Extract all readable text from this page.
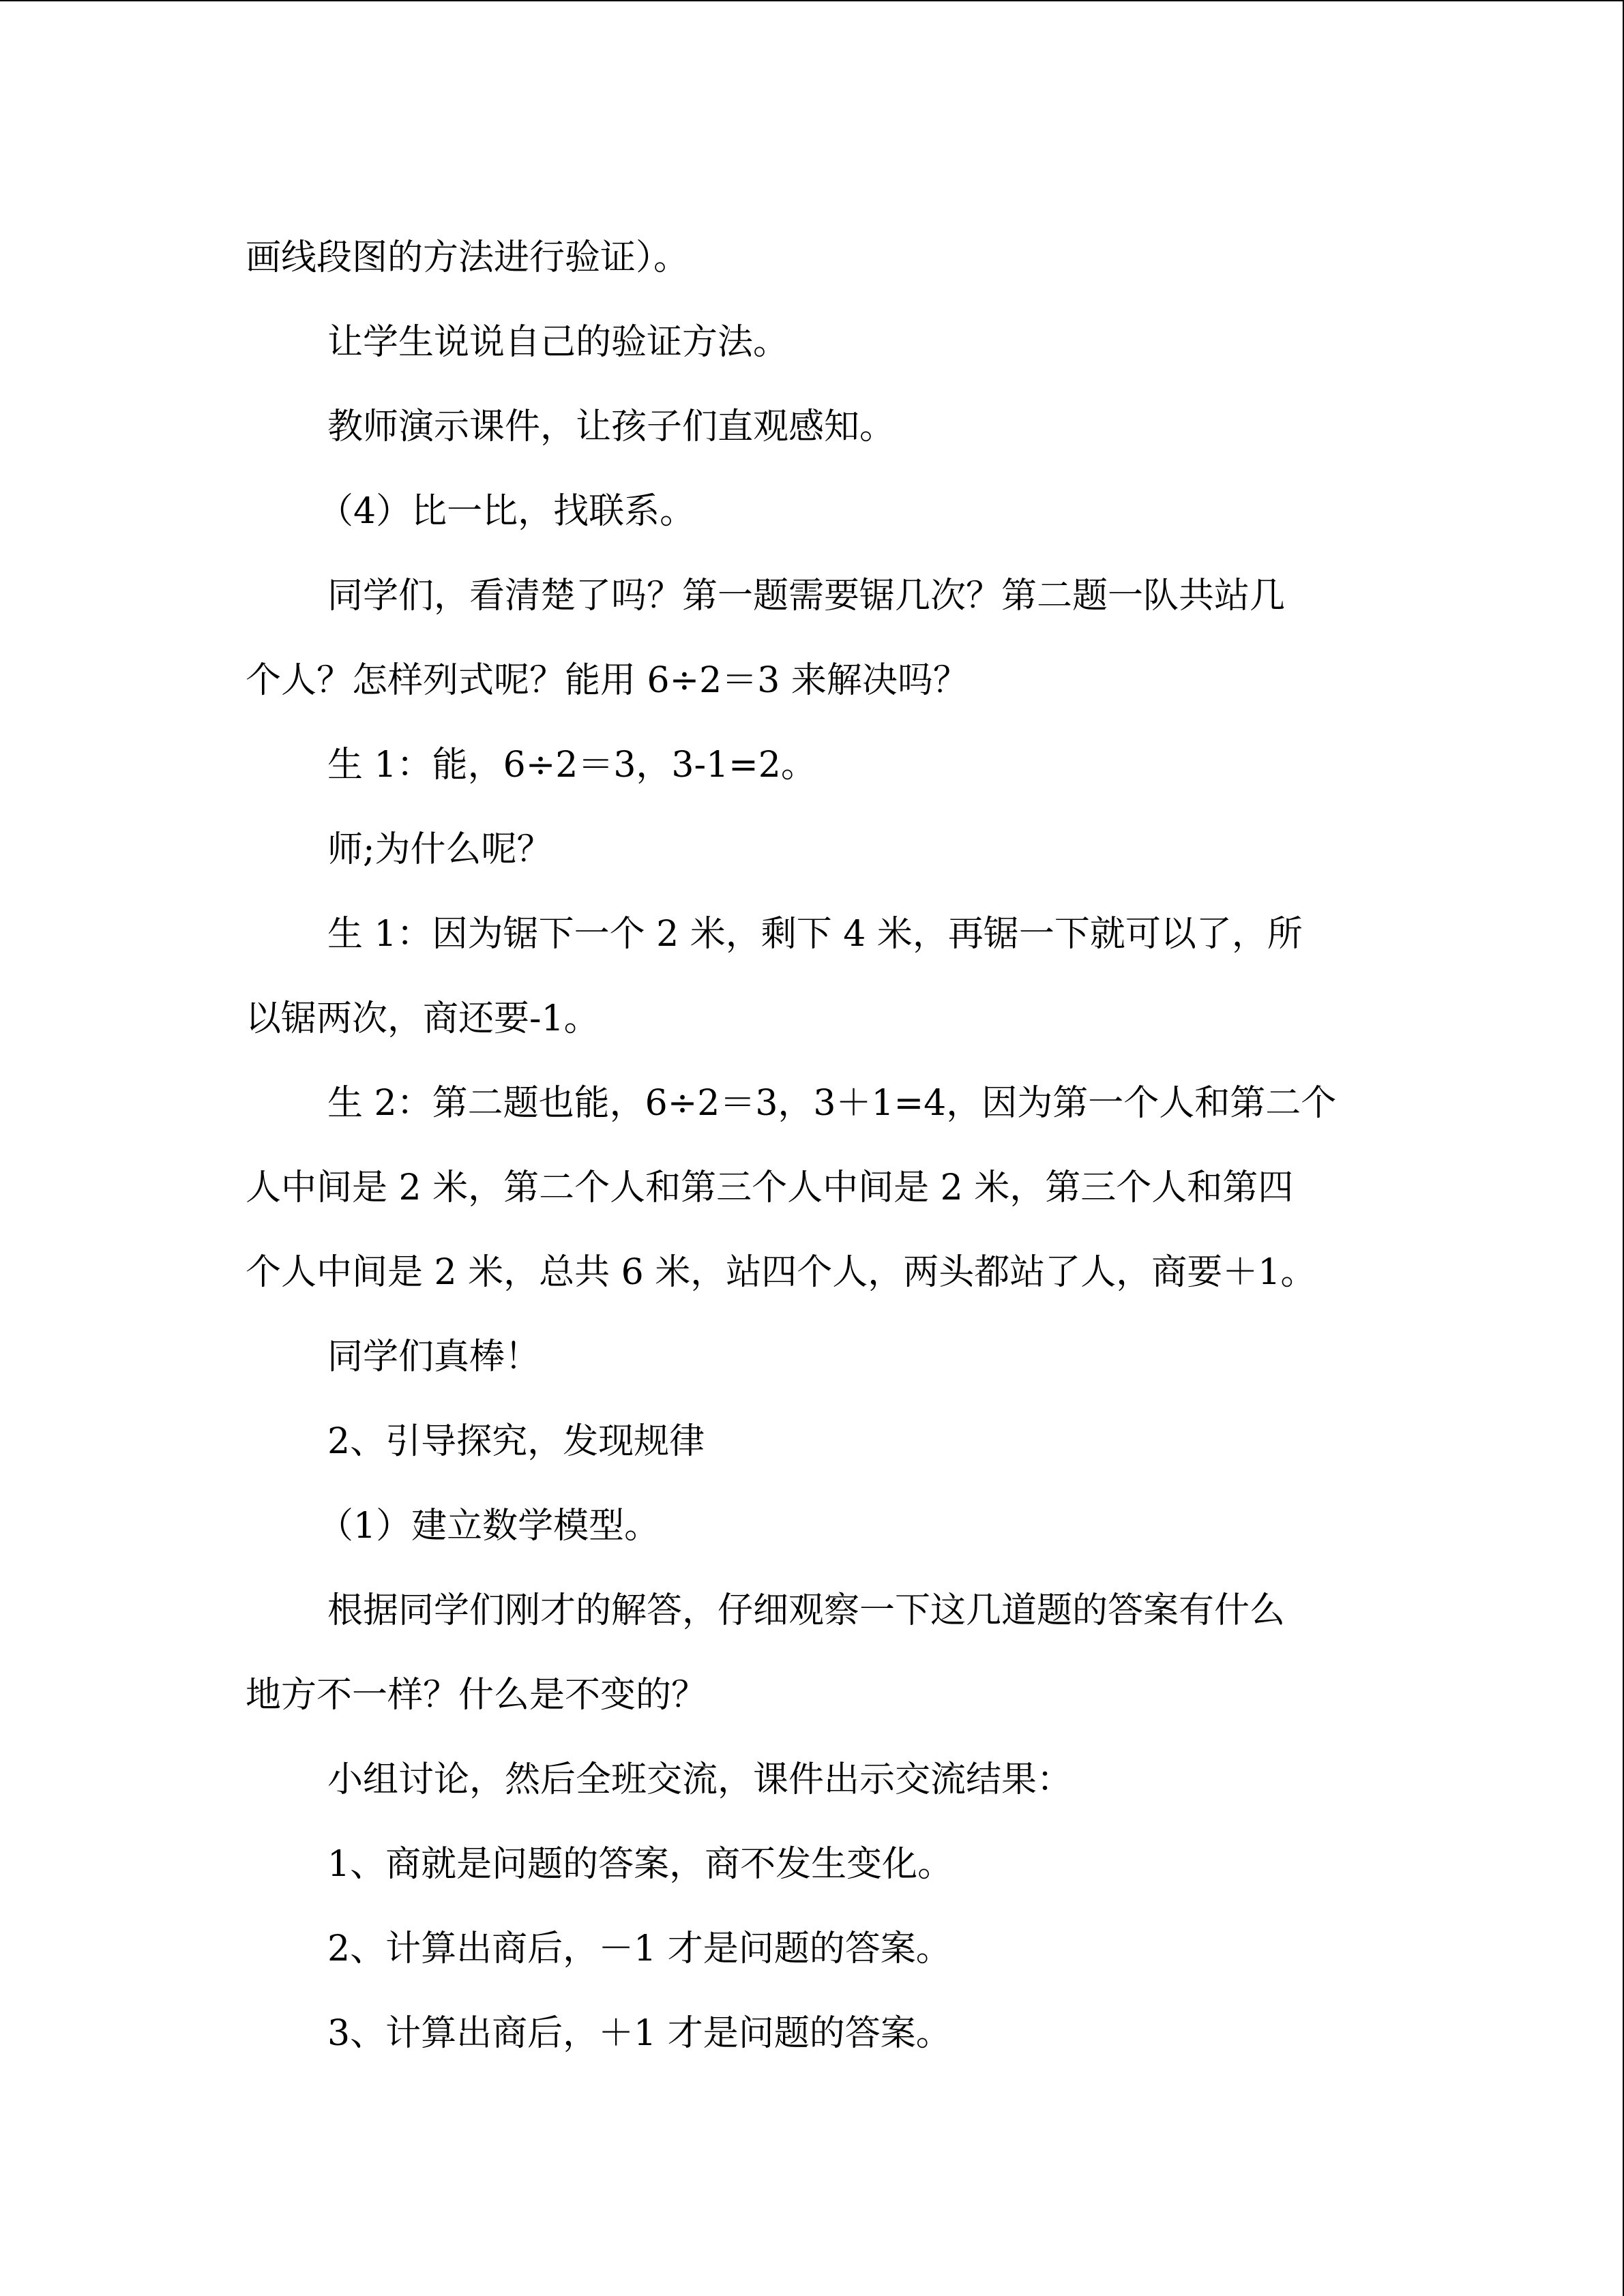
画线段图的方法进行验证）。

让学生说说自己的验证方法。

教师演示课件，让孩子们直观感知。

（4）比一比，找联系。

同学们，看清楚了吗？第一题需要锯几次？第二题一队共站几

个人？怎样列式呢？能用 6÷2＝3 来解决吗？

生 1：能，6÷2＝3，3-1=2。

师;为什么呢？

生 1：因为锯下一个 2 米，剩下 4 米，再锯一下就可以了，所

以锯两次，商还要-1。

生 2：第二题也能，6÷2＝3，3＋1=4，因为第一个人和第二个

人中间是 2 米，第二个人和第三个人中间是 2 米，第三个人和第四

个人中间是 2 米，总共 6 米，站四个人，两头都站了人，商要＋1。

同学们真棒！

2、引导探究，发现规律

（1）建立数学模型。

根据同学们刚才的解答，仔细观察一下这几道题的答案有什么

地方不一样？什么是不变的？

小组讨论，然后全班交流，课件出示交流结果：

1、商就是问题的答案，商不发生变化。

2、计算出商后，－1 才是问题的答案。

3、计算出商后，＋1 才是问题的答案。
